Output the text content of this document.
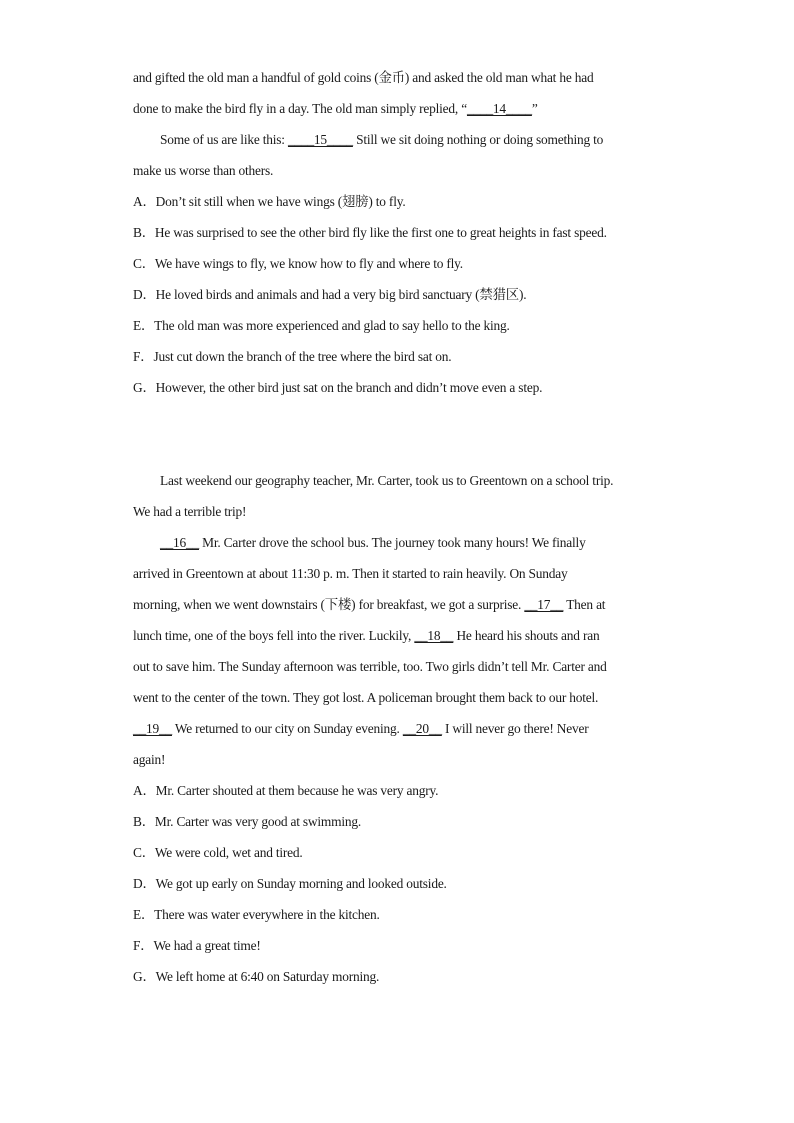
and gifted the old man a handful of gold coins (金币) and asked the old man what he had
done to make the bird fly in a day. The old man simply replied, “____14____”
Some of us are like this: ____15____ Still we sit doing nothing or doing something to
make us worse than others.
A．Don’t sit still when we have wings (翅膀) to fly.
B．He was surprised to see the other bird fly like the first one to great heights in fast speed.
C．We have wings to fly, we know how to fly and where to fly.
D．He loved birds and animals and had a very big bird sanctuary (禁猎区).
E．The old man was more experienced and glad to say hello to the king.
F．Just cut down the branch of the tree where the bird sat on.
G．However, the other bird just sat on the branch and didn’t move even a step.
Last weekend our geography teacher, Mr. Carter, took us to Greentown on a school trip.
We had a terrible trip!
__16__ Mr. Carter drove the school bus. The journey took many hours! We finally
arrived in Greentown at about 11:30 p. m. Then it started to rain heavily. On Sunday
morning, when we went downstairs (下楼) for breakfast, we got a surprise. __17__ Then at
lunch time, one of the boys fell into the river. Luckily, __18__ He heard his shouts and ran
out to save him. The Sunday afternoon was terrible, too. Two girls didn’t tell Mr. Carter and
went to the center of the town. They got lost. A policeman brought them back to our hotel.
__19__ We returned to our city on Sunday evening. __20__ I will never go there! Never
again!
A．Mr. Carter shouted at them because he was very angry.
B．Mr. Carter was very good at swimming.
C．We were cold, wet and tired.
D．We got up early on Sunday morning and looked outside.
E．There was water everywhere in the kitchen.
F．We had a great time!
G．We left home at 6:40 on Saturday morning.
